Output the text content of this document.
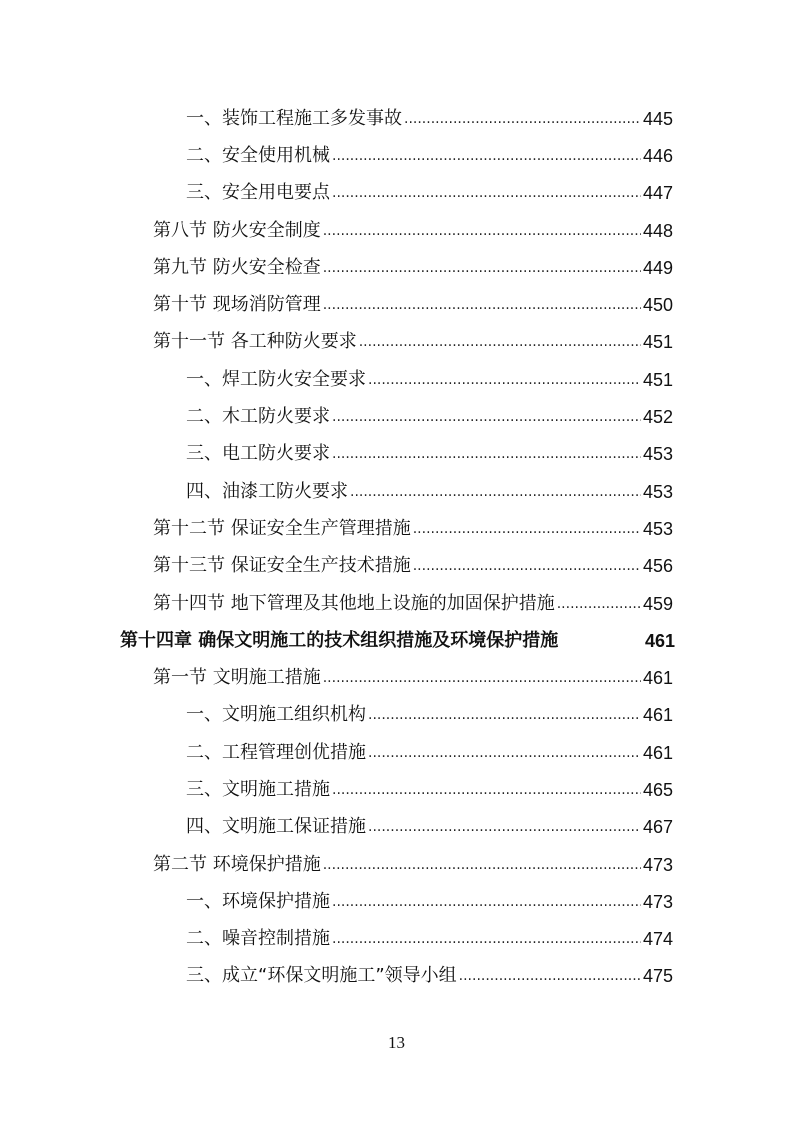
一、装饰工程施工多发事故 .....	445
二、安全使用机械 .....	446
三、安全用电要点 .....	447
第八节 防火安全制度 .....	448
第九节 防火安全检查 .....	449
第十节 现场消防管理 .....	450
第十一节 各工种防火要求 .....	451
一、焊工防火安全要求 .....	451
二、木工防火要求 .....	452
三、电工防火要求 .....	453
四、油漆工防火要求 .....	453
第十二节 保证安全生产管理措施 .....	453
第十三节 保证安全生产技术措施 .....	456
第十四节 地下管理及其他地上设施的加固保护措施 .....	459
第十四章 确保文明施工的技术组织措施及环境保护措施	461
第一节 文明施工措施 .....	461
一、文明施工组织机构 .....	461
二、工程管理创优措施 .....	461
三、文明施工措施 .....	465
四、文明施工保证措施 .....	467
第二节 环境保护措施 .....	473
一、环境保护措施 .....	473
二、噪音控制措施 .....	474
三、成立“环保文明施工”领导小组 .....	475
13
